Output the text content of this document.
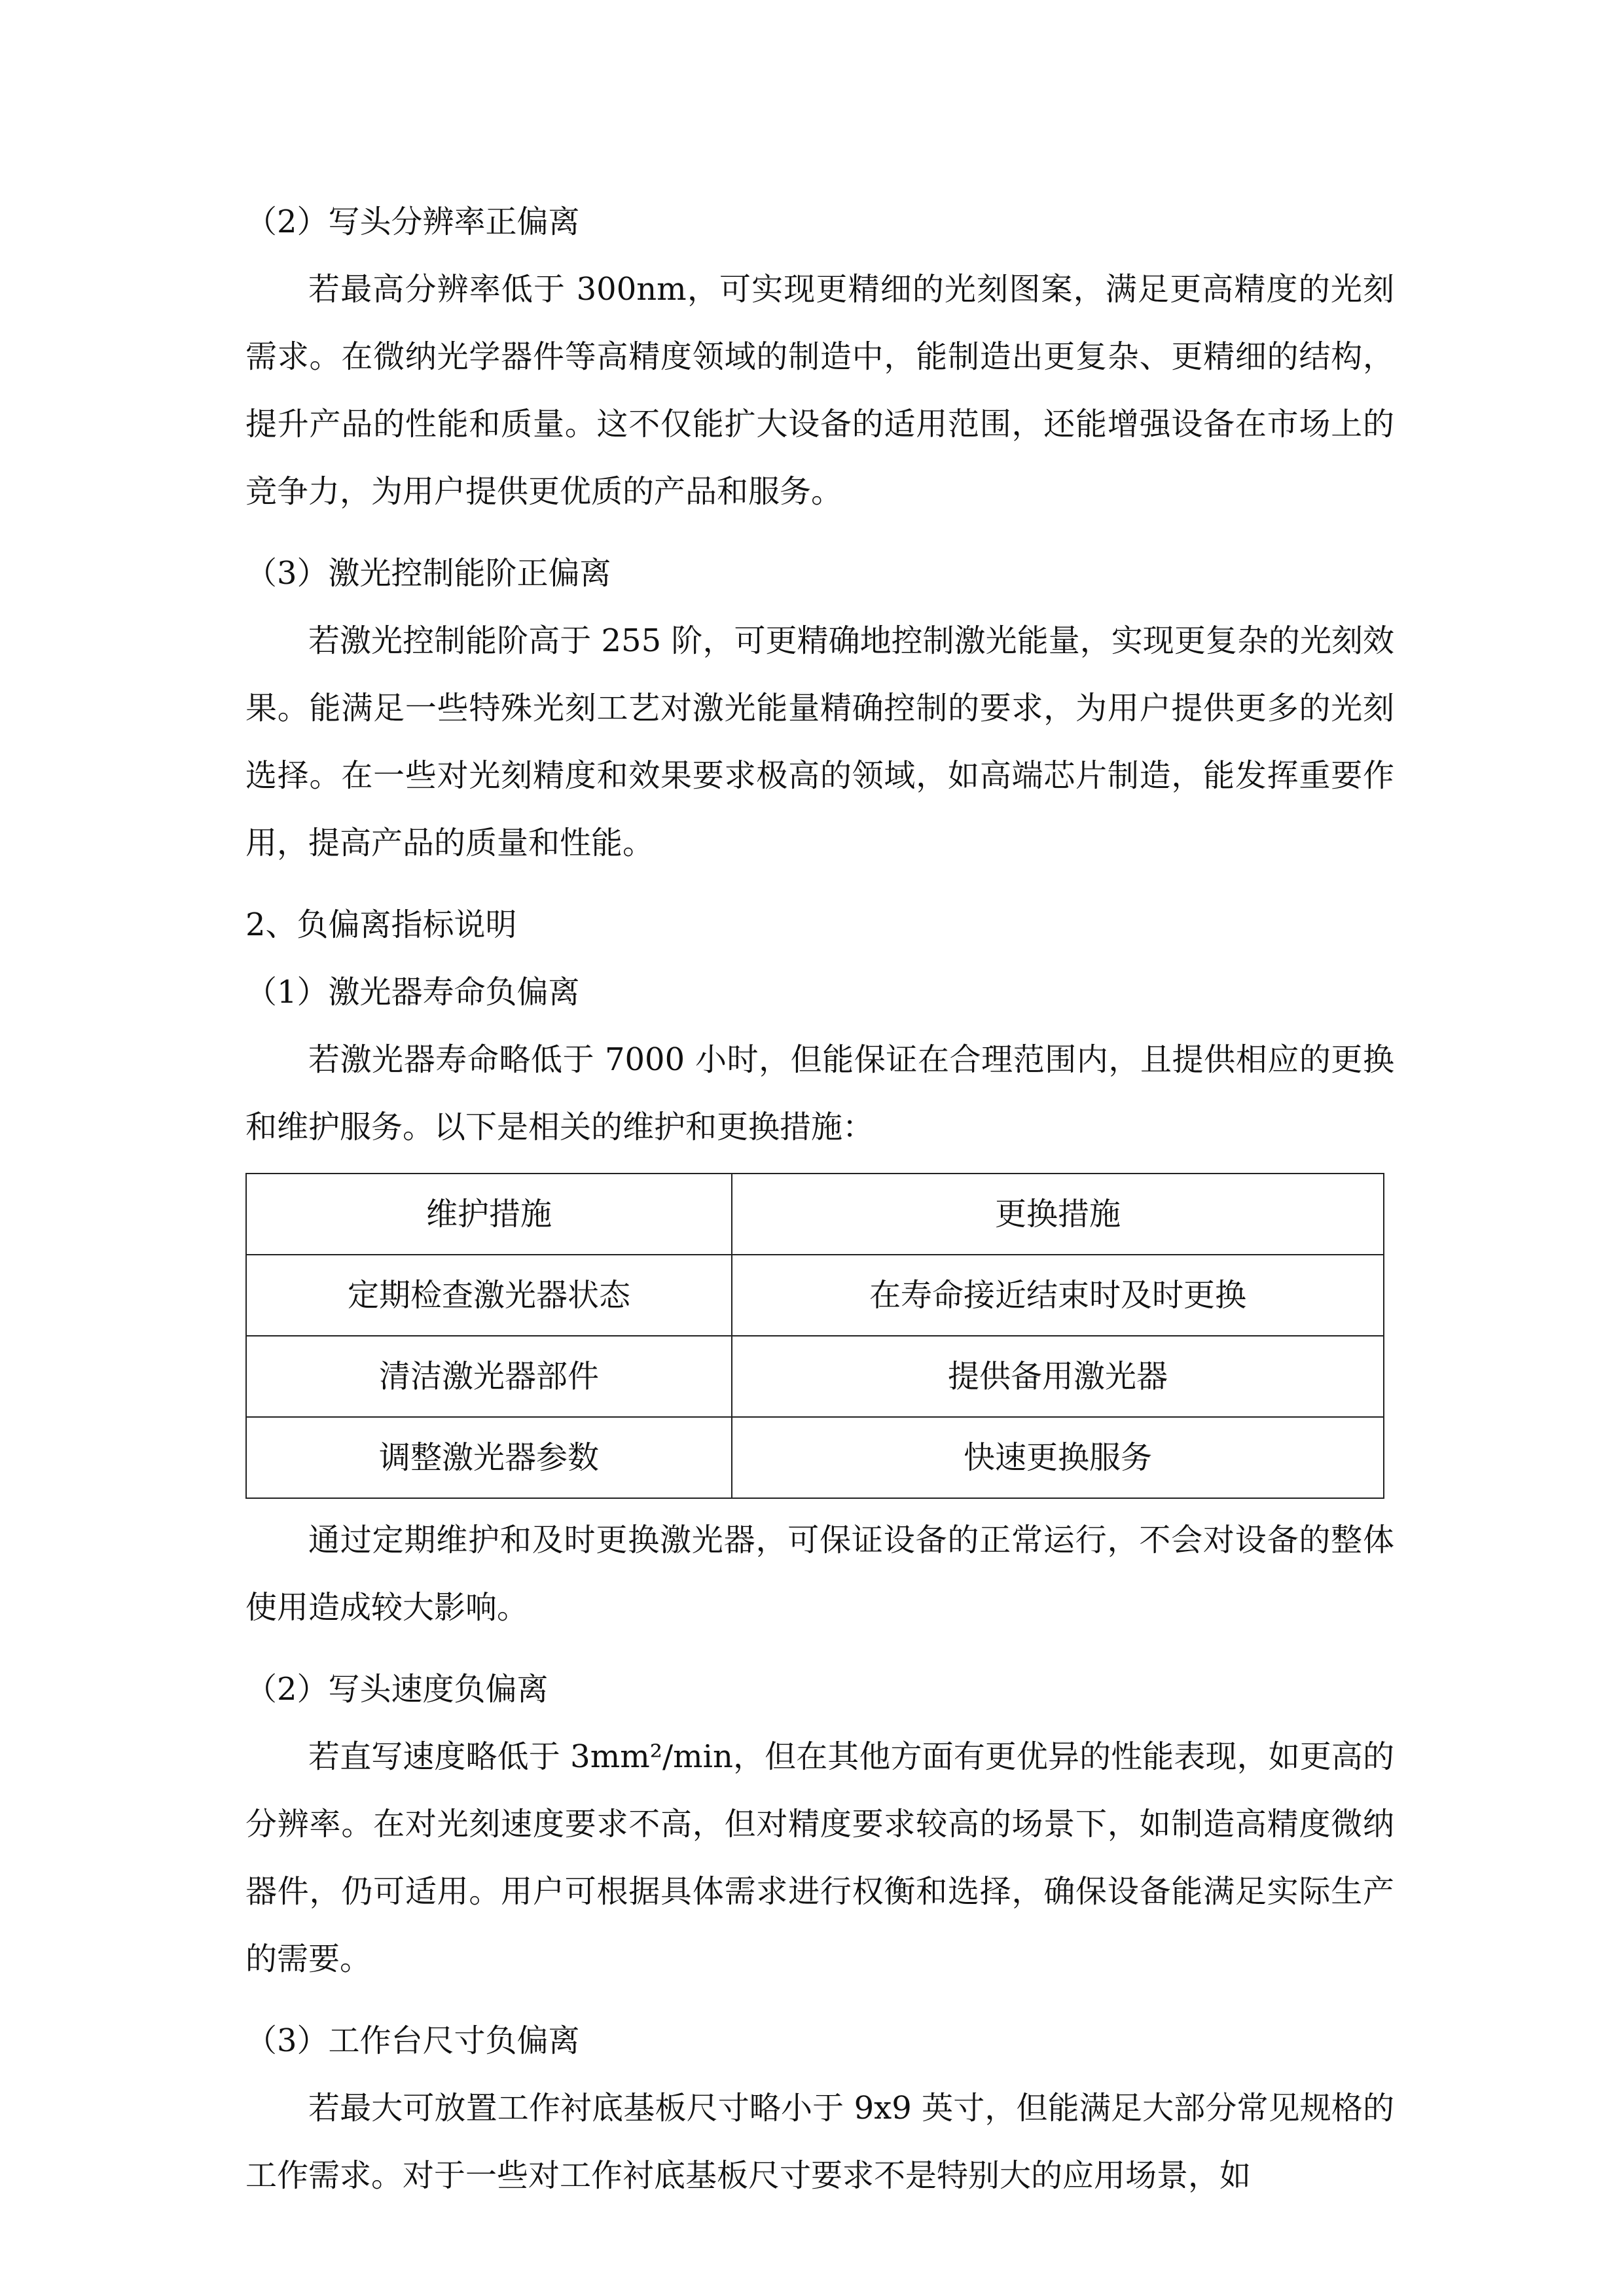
（2）写头分辨率正偏离

若最高分辨率低于 300nm，可实现更精细的光刻图案，满足更高精度的光刻需求。在微纳光学器件等高精度领域的制造中，能制造出更复杂、更精细的结构，提升产品的性能和质量。这不仅能扩大设备的适用范围，还能增强设备在市场上的竞争力，为用户提供更优质的产品和服务。

（3）激光控制能阶正偏离

若激光控制能阶高于 255 阶，可更精确地控制激光能量，实现更复杂的光刻效果。能满足一些特殊光刻工艺对激光能量精确控制的要求，为用户提供更多的光刻选择。在一些对光刻精度和效果要求极高的领域，如高端芯片制造，能发挥重要作用，提高产品的质量和性能。

2、负偏离指标说明

（1）激光器寿命负偏离

若激光器寿命略低于 7000 小时，但能保证在合理范围内，且提供相应的更换和维护服务。以下是相关的维护和更换措施：

维护措施	更换措施
定期检查激光器状态	在寿命接近结束时及时更换
清洁激光器部件	提供备用激光器
调整激光器参数	快速更换服务

通过定期维护和及时更换激光器，可保证设备的正常运行，不会对设备的整体使用造成较大影响。

（2）写头速度负偏离

若直写速度略低于 3mm²/min，但在其他方面有更优异的性能表现，如更高的分辨率。在对光刻速度要求不高，但对精度要求较高的场景下，如制造高精度微纳器件，仍可适用。用户可根据具体需求进行权衡和选择，确保设备能满足实际生产的需要。

（3）工作台尺寸负偏离

若最大可放置工作衬底基板尺寸略小于 9x9 英寸，但能满足大部分常见规格的工作需求。对于一些对工作衬底基板尺寸要求不是特别大的应用场景，如
